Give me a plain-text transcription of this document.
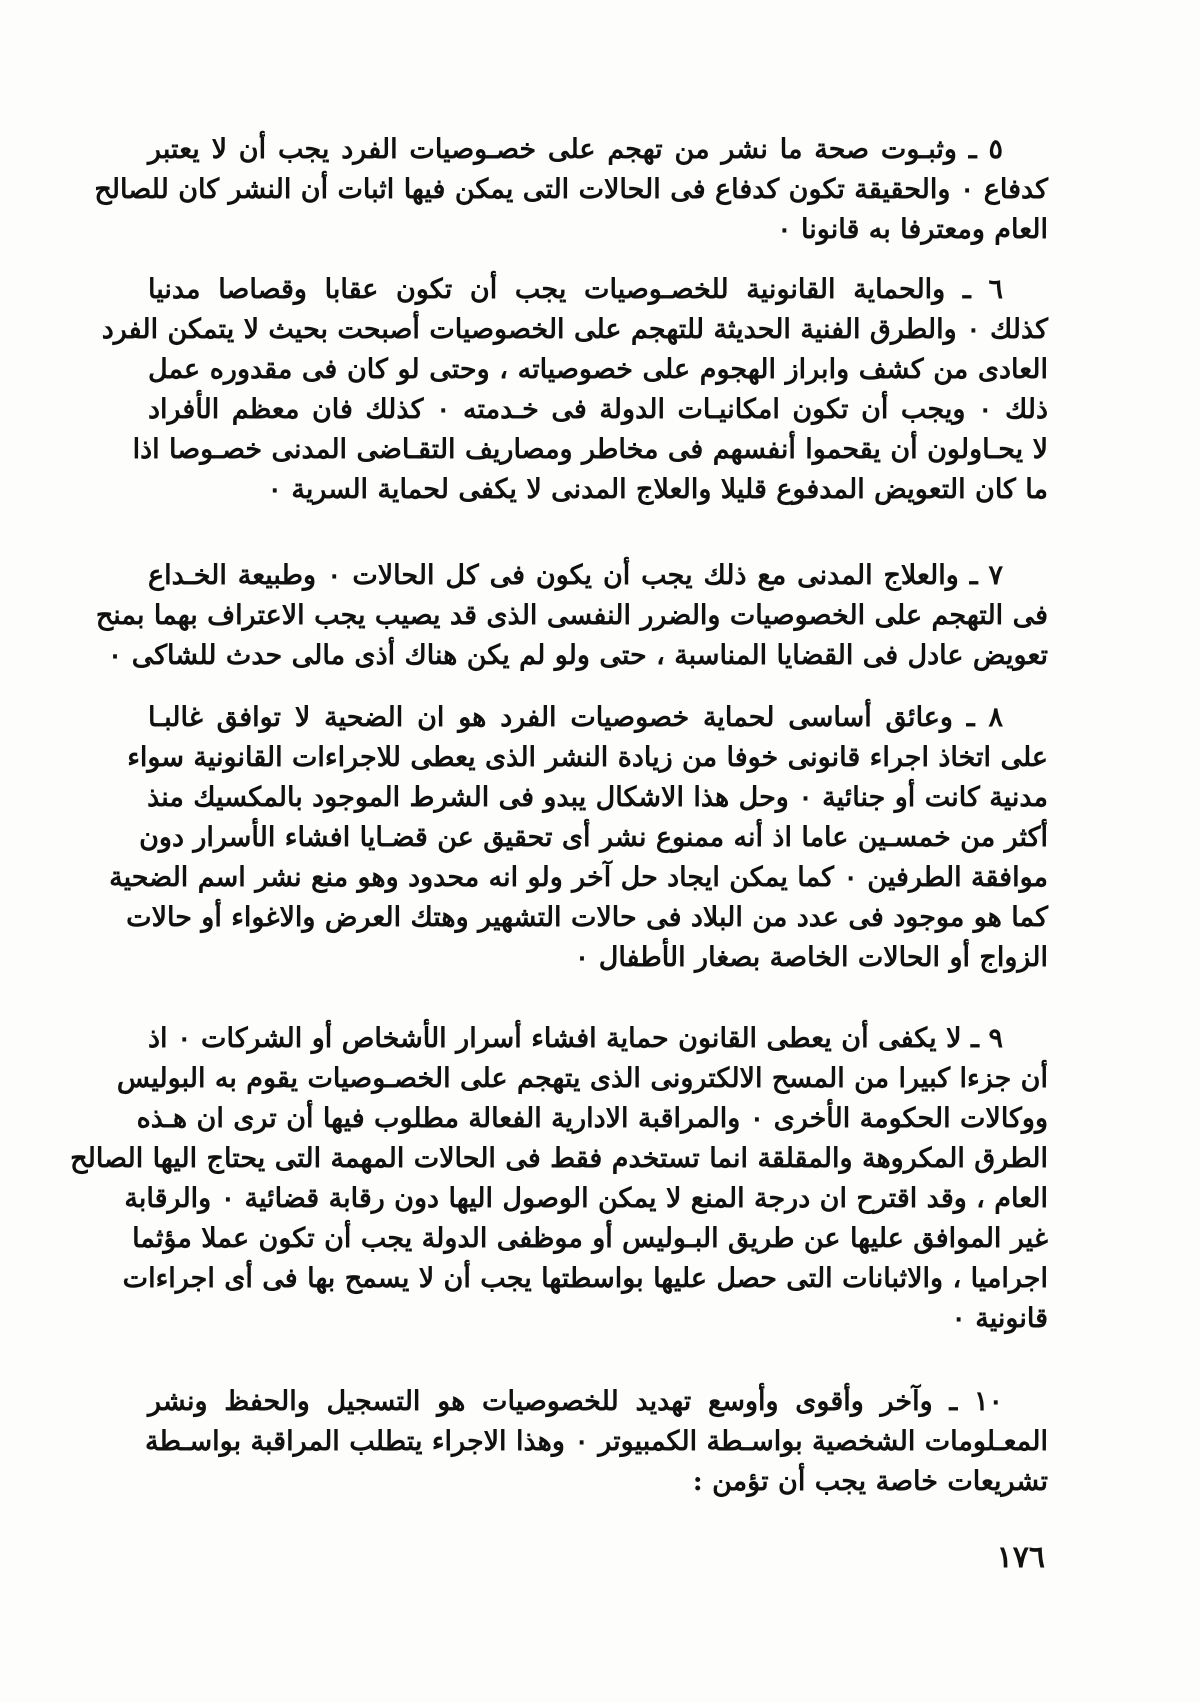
٥ ـ وثبـوت صحة ما نشر من تهجم على خصـوصيات الفرد يجب أن لا يعتبر
كدفاع ٠ والحقيقة تكون كدفاع فى الحالات التى يمكن فيها اثبات أن النشر كان للصالح
العام ومعترفا به قانونا ٠
٦ ـ والحماية القانونية للخصـوصيات يجب أن تكون عقابا وقصاصا مدنيا
كذلك ٠ والطرق الفنية الحديثة للتهجم على الخصوصيات أصبحت بحيث لا يتمكن الفرد
العادى من كشف وابراز الهجوم على خصوصياته ، وحتى لو كان فى مقدوره عمل
ذلك ٠ ويجب أن تكون امكانيـات الدولة فى خـدمته ٠ كذلك فان معظم الأفراد
لا يحـاولون أن يقحموا أنفسهم فى مخاطر ومصاريف التقـاضى المدنى خصـوصا اذا
ما كان التعويض المدفوع قليلا والعلاج المدنى لا يكفى لحماية السرية ٠
٧ ـ والعلاج المدنى مع ذلك يجب أن يكون فى كل الحالات ٠ وطبيعة الخـداع
فى التهجم على الخصوصيات والضرر النفسى الذى قد يصيب يجب الاعتراف بهما بمنح
تعويض عادل فى القضايا المناسبة ، حتى ولو لم يكن هناك أذى مالى حدث للشاكى ٠
٨ ـ وعائق أساسى لحماية خصوصيات الفرد هو ان الضحية لا توافق غالبـا
على اتخاذ اجراء قانونى خوفا من زيادة النشر الذى يعطى للاجراءات القانونية سواء
مدنية كانت أو جنائية ٠ وحل هذا الاشكال يبدو فى الشرط الموجود بالمكسيك منذ
أكثر من خمسـين عاما اذ أنه ممنوع نشر أى تحقيق عن قضـايا افشاء الأسرار دون
موافقة الطرفين ٠ كما يمكن ايجاد حل آخر ولو انه محدود وهو منع نشر اسم الضحية
كما هو موجود فى عدد من البلاد فى حالات التشهير وهتك العرض والاغواء أو حالات
الزواج أو الحالات الخاصة بصغار الأطفال ٠
٩ ـ لا يكفى أن يعطى القانون حماية افشاء أسرار الأشخاص أو الشركات ٠ اذ
أن جزءا كبيرا من المسح الالكترونى الذى يتهجم على الخصـوصيات يقوم به البوليس
ووكالات الحكومة الأخرى ٠ والمراقبة الادارية الفعالة مطلوب فيها أن ترى ان هـذه
الطرق المكروهة والمقلقة انما تستخدم فقط فى الحالات المهمة التى يحتاج اليها الصالح
العام ، وقد اقترح ان درجة المنع لا يمكن الوصول اليها دون رقابة قضائية ٠ والرقابة
غير الموافق عليها عن طريق البـوليس أو موظفى الدولة يجب أن تكون عملا مؤثما
اجراميا ، والاثبانات التى حصل عليها بواسطتها يجب أن لا يسمح بها فى أى اجراءات
قانونية ٠
١٠ ـ وآخر وأقوى وأوسع تهديد للخصوصيات هو التسجيل والحفظ ونشر
المعـلومات الشخصية بواسـطة الكمبيوتر ٠ وهذا الاجراء يتطلب المراقبة بواسـطة
تشريعات خاصة يجب أن تؤمن :
١٧٦
